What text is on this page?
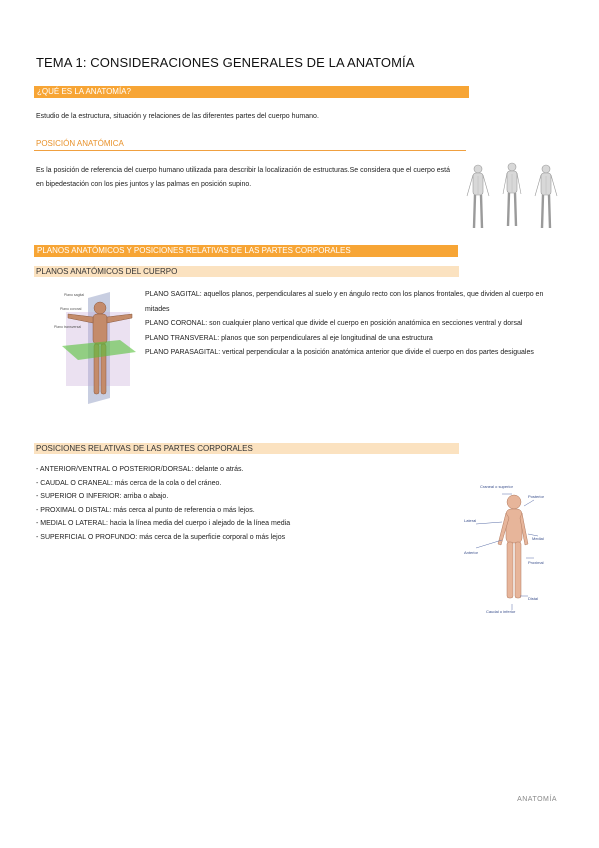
TEMA 1: CONSIDERACIONES GENERALES DE LA ANATOMÍA
¿QUÉ ES LA ANATOMÍA?
Estudio de la estructura, situación y relaciones de las diferentes partes del cuerpo humano.
POSICIÓN ANATÓMICA
Es la posición de referencia del cuerpo humano utilizada para describir la localización de estructuras.Se considera que el cuerpo está en bipedestación con los pies juntos y las palmas en posición supino.
PLANOS ANATÓMICOS Y POSICIONES RELATIVAS DE LAS PARTES CORPORALES
PLANOS ANATÓMICOS DEL CUERPO
Plano sagital
Plano coronal
Plano transversal
PLANO SAGITAL: aquellos planos, perpendiculares al suelo y en ángulo recto con los planos frontales, que dividen al cuerpo en mitades
PLANO CORONAL: son cualquier plano vertical que divide el cuerpo en posición anatómica en secciones ventral y dorsal
PLANO TRANSVERAL: planos que son perpendiculares al eje longitudinal de una estructura
PLANO PARASAGITAL: vertical perpendicular a la posición anatómica anterior que divide el cuerpo en dos partes desiguales
POSICIONES RELATIVAS DE LAS PARTES CORPORALES
- ANTERIOR/VENTRAL O POSTERIOR/DORSAL: delante o atrás.
- CAUDAL O CRANEAL: más cerca de la cola o del cráneo.
- SUPERIOR O INFERIOR: arriba o abajo.
- PROXIMAL O DISTAL: más cerca al punto de referencia o más lejos.
- MEDIAL O LATERAL: hacia la línea media del cuerpo i alejado de la línea media
- SUPERFICIAL O PROFUNDO: más cerca de la superficie corporal o más lejos
Craneal o superior
Posterior
Lateral
Medial
Anterior
Proximal
Distal
Caudal o inferior
ANATOMÍA
